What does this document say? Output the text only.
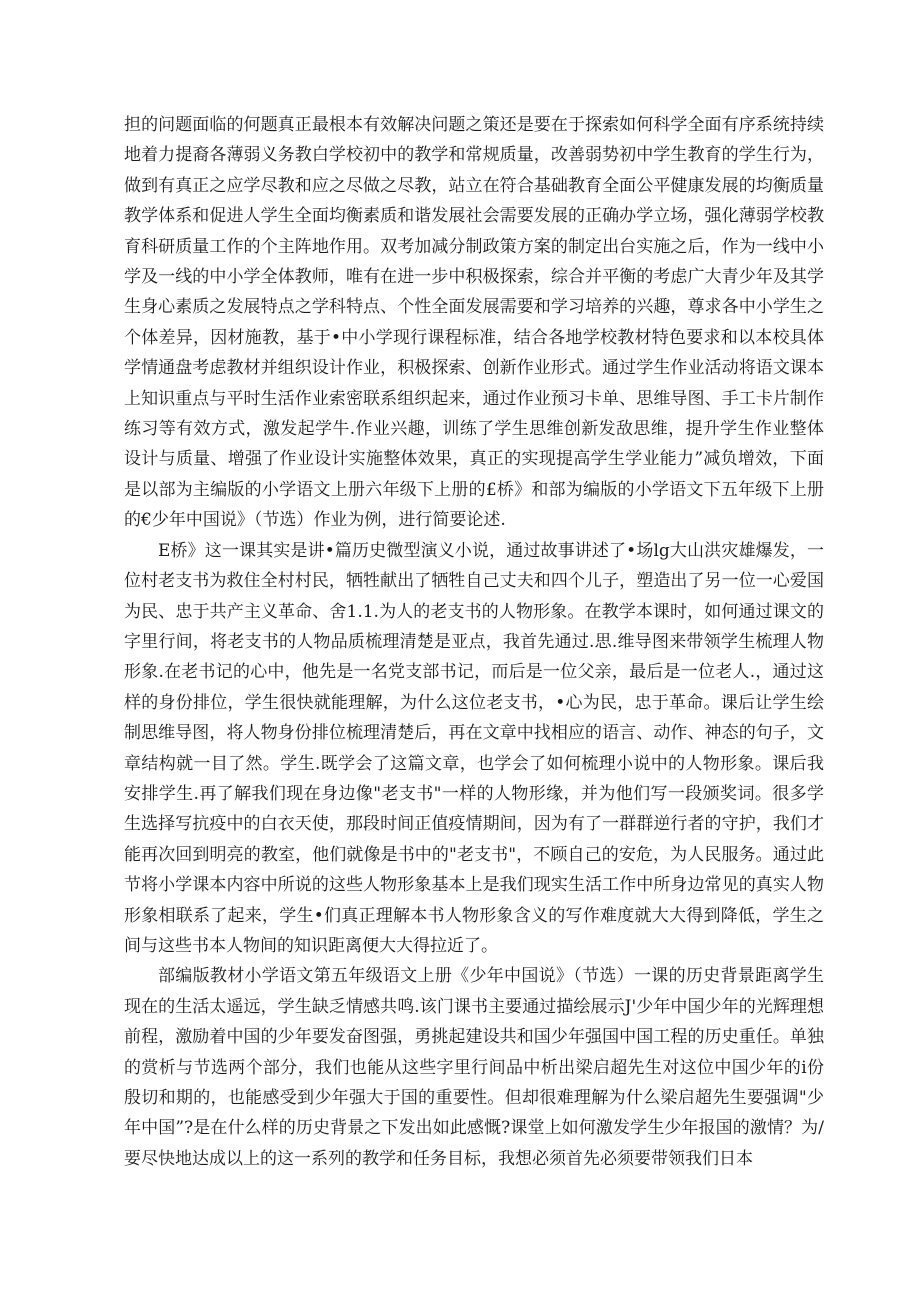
担的问题面临的何题真正最根本有效解决问题之策还是要在于探索如何科学全面有序系统持续地着力提裔各薄弱义务教白学校初中的教学和常规质量，改善弱势初中学生教育的学生行为，做到有真正之应学尽教和应之尽做之尽教，站立在符合基础教育全面公平健康发展的均衡质量教学体系和促进人学生全面均衡素质和谐发展社会需要发展的正确办学立场，强化薄弱学校教育科研质量工作的个主阵地作用。双考加减分制政策方案的制定出台实施之后，作为一线中小学及一线的中小学全体教师，唯有在进一步中积极探索，综合并平衡的考虑广大青少年及其学生身心素质之发展特点之学科特点、个性全面发展需要和学习培养的兴趣，尊求各中小学生之个体差异，因材施教，基于•中小学现行课程标准，结合各地学校教材特色要求和以本校具体学情通盘考虑教材并组织设计作业，积极探索、创新作业形式。通过学生作业活动将语文课本上知识重点与平时生活作业索密联系组织起来，通过作业预习卡单、思维导图、手工卡片制作练习等有效方式，激发起学牛.作业兴趣，训练了学生思维创新发敌思维，提升学生作业整体设计与质量、增强了作业设计实施整体效果，真正的实现提高学生学业能力”减负增效，下面是以部为主编版的小学语文上册六年级下上册的£桥》和部为编版的小学语文下五年级下上册的€少年中国说》（节选）作业为例，进行简要论述.

E桥》这一课其实是讲•篇历史微型演义小说，通过故事讲述了•场lg大山洪灾雄爆发，一位村老支书为救住全村村民，牺牲献出了牺牲自己丈夫和四个儿子，塑造出了另一位一心爱国为民、忠于共产主义革命、舍1.1.为人的老支书的人物形象。在教学本课时，如何通过课文的字里行间，将老支书的人物品质梳理清楚是亚点，我首先通过.思.维导图来带领学生梳理人物形象.在老书记的心中，他先是一名党支部书记，而后是一位父亲，最后是一位老人.，通过这样的身份排位，学生很快就能理解，为什么这位老支书，•心为民，忠于革命。课后让学生绘制思维导图，将人物身份排位梳理清楚后，再在文章中找相应的语言、动作、神态的句子，文章结构就一目了然。学生.既学会了这篇文章，也学会了如何梳理小说中的人物形象。课后我安排学生.再了解我们现在身边像"老支书"一样的人物形缘，并为他们写一段颁奖词。很多学生选择写抗疫中的白衣天使，那段时间正值疫情期间，因为有了一群群逆行者的守护，我们才能再次回到明亮的教室，他们就像是书中的"老支书"，不顾自己的安危，为人民服务。通过此节将小学课本内容中所说的这些人物形象基本上是我们现实生活工作中所身边常见的真实人物形象相联系了起来，学生•们真正理解本书人物形象含义的写作难度就大大得到降低，学生之间与这些书本人物间的知识距离便大大得拉近了。

部编版教材小学语文第五年级语文上册《少年中国说》（节选）一课的历史背景距离学生现在的生活太遥远，学生缺乏情感共鸣.该门课书主要通过描绘展示J'少年中国少年的光辉理想前程，激励着中国的少年要发奋图强，勇挑起建设共和国少年强国中国工程的历史重任。单独的赏析与节选两个部分，我们也能从这些字里行间品中析出梁启超先生对这位中国少年的i份殷切和期的，也能感受到少年强大于国的重要性。但却很难理解为什么梁启超先生要强调"少年中国”?是在什么样的历史背景之下发出如此感慨?课堂上如何激发学生少年报国的激情？为/要尽快地达成以上的这一系列的教学和任务目标，我想必须首先必须要带领我们日本
